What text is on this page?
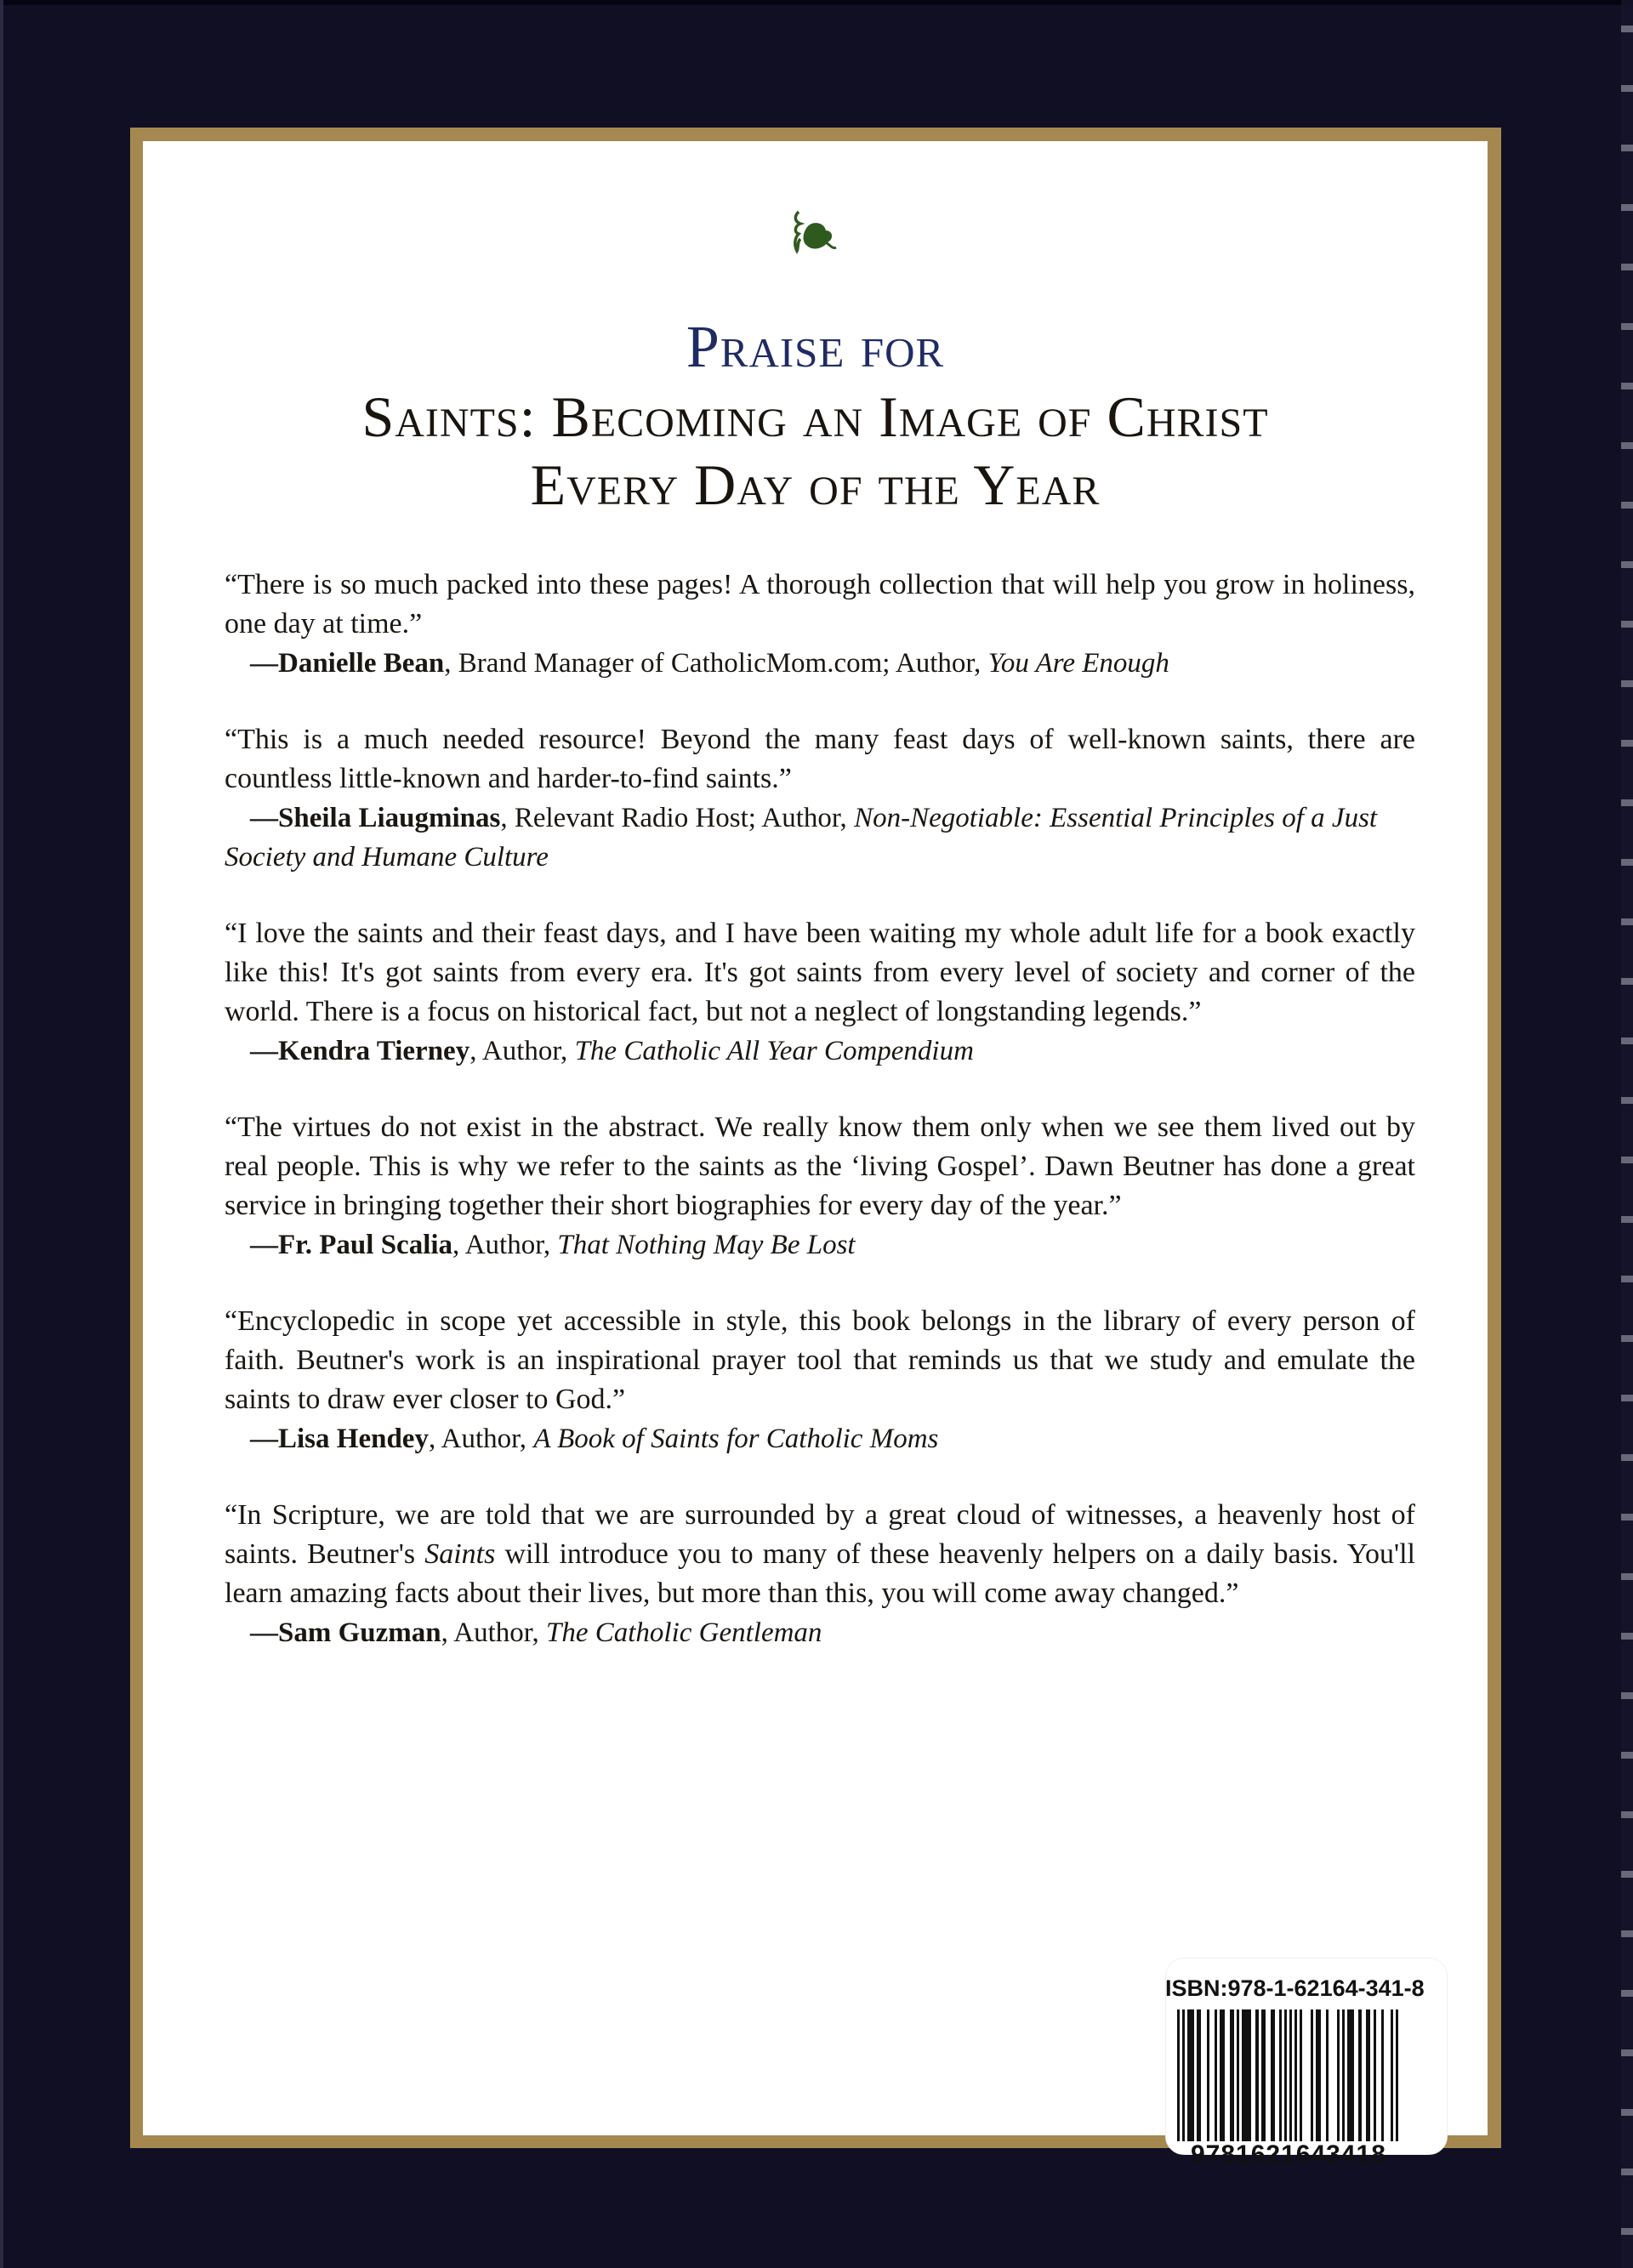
Praise for
Saints: Becoming an Image of Christ
Every Day of the Year
“There is so much packed into these pages! A thorough collection that will help you grow in holiness, one day at time.”
—Danielle Bean, Brand Manager of CatholicMom.com; Author, You Are Enough
“This is a much needed resource! Beyond the many feast days of well-known saints, there are countless little-known and harder-to-find saints.”
—Sheila Liaugminas, Relevant Radio Host; Author, Non-Negotiable: Essential Principles of a Just Society and Humane Culture
“I love the saints and their feast days, and I have been waiting my whole adult life for a book exactly like this! It's got saints from every era. It's got saints from every level of society and corner of the world. There is a focus on historical fact, but not a neglect of longstanding legends.”
—Kendra Tierney, Author, The Catholic All Year Compendium
“The virtues do not exist in the abstract. We really know them only when we see them lived out by real people. This is why we refer to the saints as the ‘living Gospel’. Dawn Beutner has done a great service in bringing together their short biographies for every day of the year.”
—Fr. Paul Scalia, Author, That Nothing May Be Lost
“Encyclopedic in scope yet accessible in style, this book belongs in the library of every person of faith. Beutner's work is an inspirational prayer tool that reminds us that we study and emulate the saints to draw ever closer to God.”
—Lisa Hendey, Author, A Book of Saints for Catholic Moms
“In Scripture, we are told that we are surrounded by a great cloud of witnesses, a heavenly host of saints. Beutner's Saints will introduce you to many of these heavenly helpers on a daily basis. You'll learn amazing facts about their lives, but more than this, you will come away changed.”
—Sam Guzman, Author, The Catholic Gentleman
ISBN:978-1-62164-341-8
9781621643418
